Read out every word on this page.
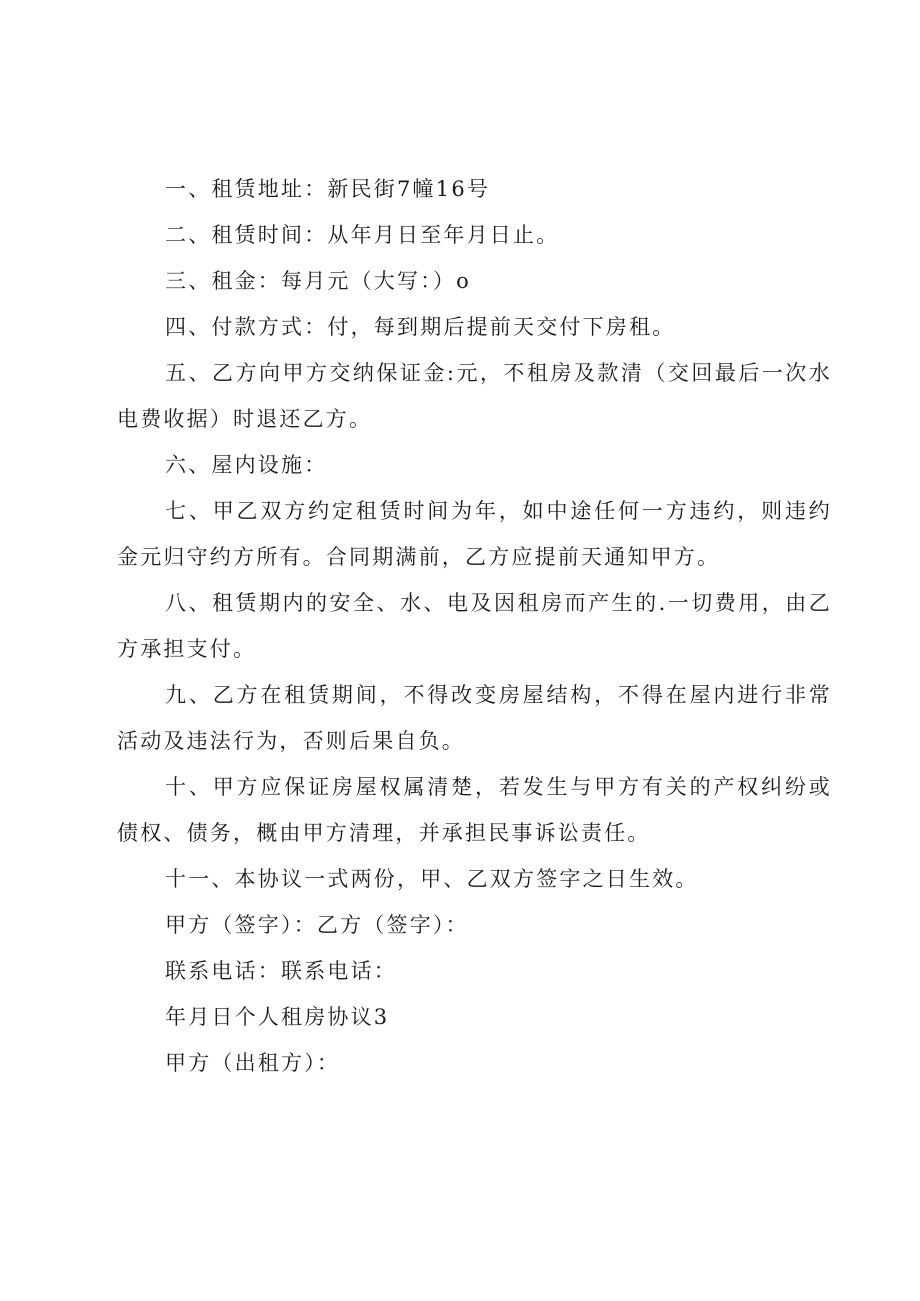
一、租赁地址：新民街7幢16号

二、租赁时间：从年月日至年月日止。

三、租金：每月元（大写：）o

四、付款方式：付，每到期后提前天交付下房租。

五、乙方向甲方交纳保证金:元，不租房及款清（交回最后一次水电费收据）时退还乙方。

六、屋内设施：

七、甲乙双方约定租赁时间为年，如中途任何一方违约，则违约金元归守约方所有。合同期满前，乙方应提前天通知甲方。

八、租赁期内的安全、水、电及因租房而产生的.一切费用，由乙方承担支付。

九、乙方在租赁期间，不得改变房屋结构，不得在屋内进行非常活动及违法行为，否则后果自负。

十、甲方应保证房屋权属清楚，若发生与甲方有关的产权纠纷或债权、债务，概由甲方清理，并承担民事诉讼责任。

十一、本协议一式两份，甲、乙双方签字之日生效。

甲方（签字）：乙方（签字）：

联系电话：联系电话：

年月日个人租房协议3

甲方（出租方）：
